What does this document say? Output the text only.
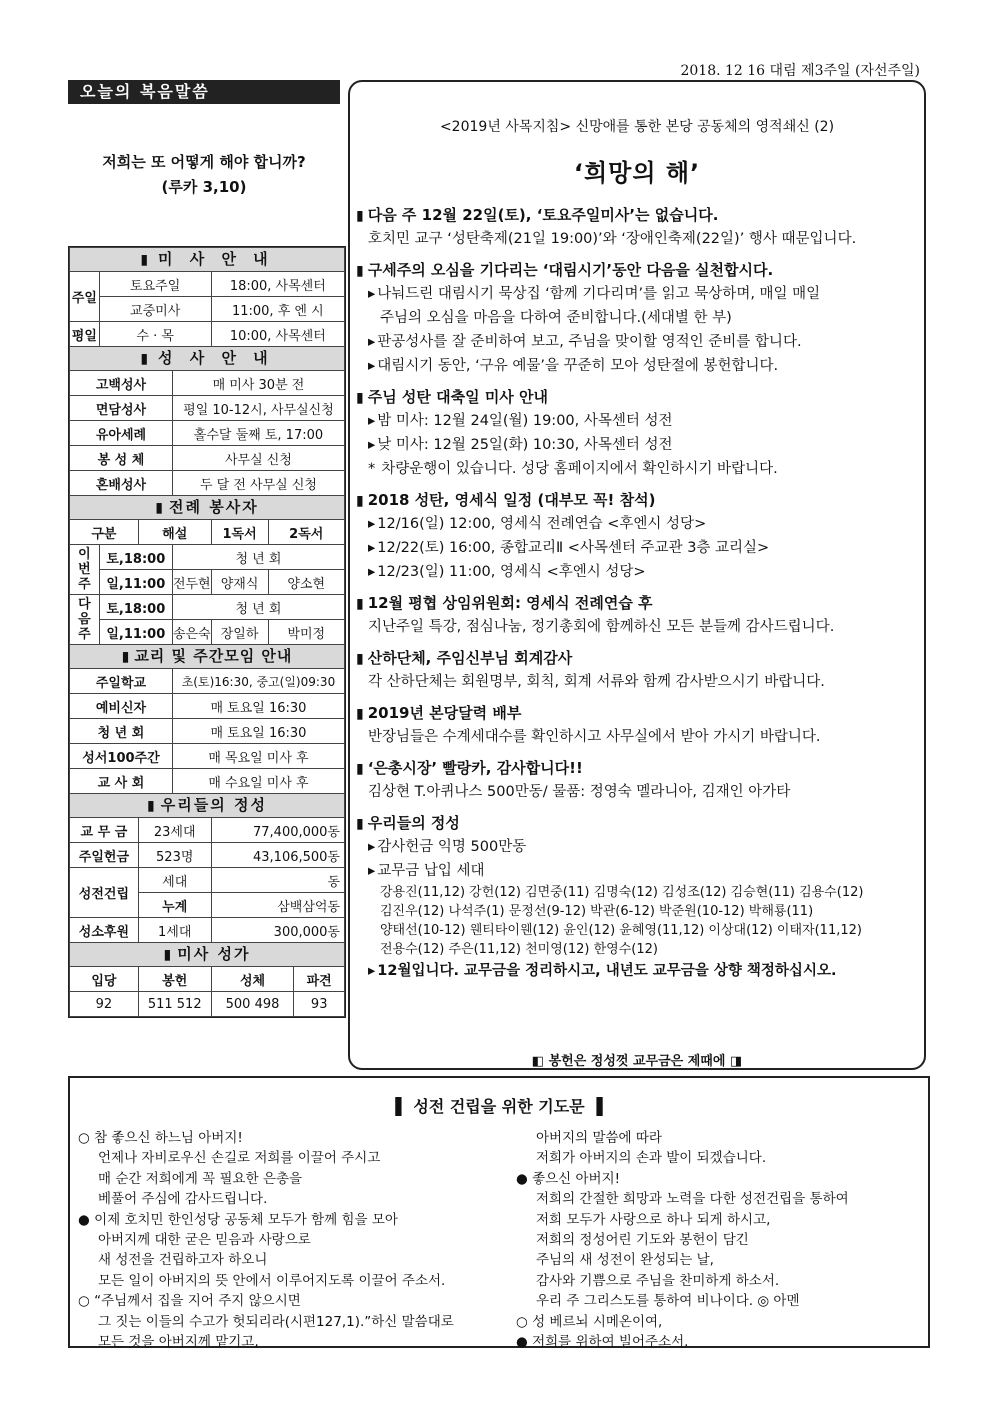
2018. 12 16 대림 제3주일 (자선주일)
오늘의 복음말씀
저희는 또 어떻게 해야 합니까?
(루카 3,10)
▮ 미 사 안 내
주일	토요주일			18:00, 사목센터		
	교중미사			11:00, 후 엔 시		
평일	수 · 목			10:00, 사목센터		
▮ 성 사 안 내
고백성사			매 미사 30분 전			
면담성사			평일 10-12시, 사무실신청			
유아세례			홀수달 둘째 토, 17:00			
봉 성 체			사무실 신청			
혼배성사			두 달 전 사무실 신청			
▮ 전례 봉사자
구분		해설		1독서	2독서	
이번주	토,18:00		청 년 회			
	일,11:00		전두현	양재식	양소현	
다음주	토,18:00		청 년 회			
	일,11:00		송은숙	장일하	박미정	
▮ 교리 및 주간모임 안내
주일학교			초(토)16:30, 중고(일)09:30			
예비신자			매 토요일 16:30			
청 년 회			매 토요일 16:30			
성서100주간			매 목요일 미사 후			
교 사 회			매 수요일 미사 후			
▮ 우리들의 정성
교 무 금		23세대		77,400,000동		
주일헌금		523명		43,106,500동		
성전건립		세대		동		
		누계		삼백삼억동		
성소후원		1세대		300,000동		
▮ 미사 성가
입당		봉헌		성체		파견
92		511 512		500 498		93
<2019년 사목지침> 신망애를 통한 본당 공동체의 영적쇄신 (2)
‘희망의 해’
▮ 다음 주 12월 22일(토), ‘토요주일미사’는 없습니다.
호치민 교구 ‘성탄축제(21일 19:00)’와 ‘장애인축제(22일)’ 행사 때문입니다.
▮ 구세주의 오심을 기다리는 ‘대림시기’동안 다음을 실천합시다.
▸ 나눠드린 대림시기 묵상집 ‘함께 기다리며’를 읽고 묵상하며, 매일 매일
주님의 오심을 마음을 다하여 준비합니다.(세대별 한 부)
▸ 판공성사를 잘 준비하여 보고, 주님을 맞이할 영적인 준비를 합니다.
▸ 대림시기 동안, ‘구유 예물’을 꾸준히 모아 성탄절에 봉헌합니다.
▮ 주님 성탄 대축일 미사 안내
▸ 밤 미사: 12월 24일(월) 19:00, 사목센터 성전
▸ 낮 미사: 12월 25일(화) 10:30, 사목센터 성전
* 차량운행이 있습니다. 성당 홈페이지에서 확인하시기 바랍니다.
▮ 2018 성탄, 영세식 일정 (대부모 꼭! 참석)
▸ 12/16(일) 12:00, 영세식 전례연습 <후엔시 성당>
▸ 12/22(토) 16:00, 종합교리Ⅱ <사목센터 주교관 3층 교리실>
▸ 12/23(일) 11:00, 영세식 <후엔시 성당>
▮ 12월 평협 상임위원회: 영세식 전례연습 후
지난주일 특강, 점심나눔, 정기총회에 함께하신 모든 분들께 감사드립니다.
▮ 산하단체, 주임신부님 회계감사
각 산하단체는 회원명부, 회칙, 회계 서류와 함께 감사받으시기 바랍니다.
▮ 2019년 본당달력 배부
반장님들은 수계세대수를 확인하시고 사무실에서 받아 가시기 바랍니다.
▮ ‘은총시장’ 빨랑카, 감사합니다!!
김상현 T.아퀴나스 500만동/ 물품: 정영숙 멜라니아, 김재인 아가타
▮ 우리들의 정성
▸ 감사헌금 익명 500만동
▸ 교무금 납입 세대
강용진(11,12) 강헌(12) 김면중(11) 김명숙(12) 김성조(12) 김승현(11) 김용수(12)
김진우(12) 나석주(1) 문정선(9-12) 박관(6-12) 박준원(10-12) 박해룡(11)
양태선(10-12) 웬티타이웬(12) 윤인(12) 윤혜영(11,12) 이상대(12) 이태자(11,12)
전용수(12) 주은(11,12) 천미영(12) 한영수(12)
▸ 12월입니다. 교무금을 정리하시고, 내년도 교무금을 상향 책정하십시오.
◧ 봉헌은 정성껏 교무금은 제때에 ◨
▌ 성전 건립을 위한 기도문 ▐
○ 참 좋으신 하느님 아버지!
언제나 자비로우신 손길로 저희를 이끌어 주시고
매 순간 저희에게 꼭 필요한 은총을
베풀어 주심에 감사드립니다.
● 이제 호치민 한인성당 공동체 모두가 함께 힘을 모아
아버지께 대한 굳은 믿음과 사랑으로
새 성전을 건립하고자 하오니
모든 일이 아버지의 뜻 안에서 이루어지도록 이끌어 주소서.
○ “주님께서 집을 지어 주지 않으시면
그 짓는 이들의 수고가 헛되리라(시편127,1).”하신 말씀대로
모든 것을 아버지께 맡기고,
아버지의 말씀에 따라
저희가 아버지의 손과 발이 되겠습니다.
● 좋으신 아버지!
저희의 간절한 희망과 노력을 다한 성전건립을 통하여
저희 모두가 사랑으로 하나 되게 하시고,
저희의 정성어린 기도와 봉헌이 담긴
주님의 새 성전이 완성되는 날,
감사와 기쁨으로 주님을 찬미하게 하소서.
우리 주 그리스도를 통하여 비나이다. ◎ 아멘
○ 성 베르뇌 시메온이여,
● 저희를 위하여 빌어주소서.
